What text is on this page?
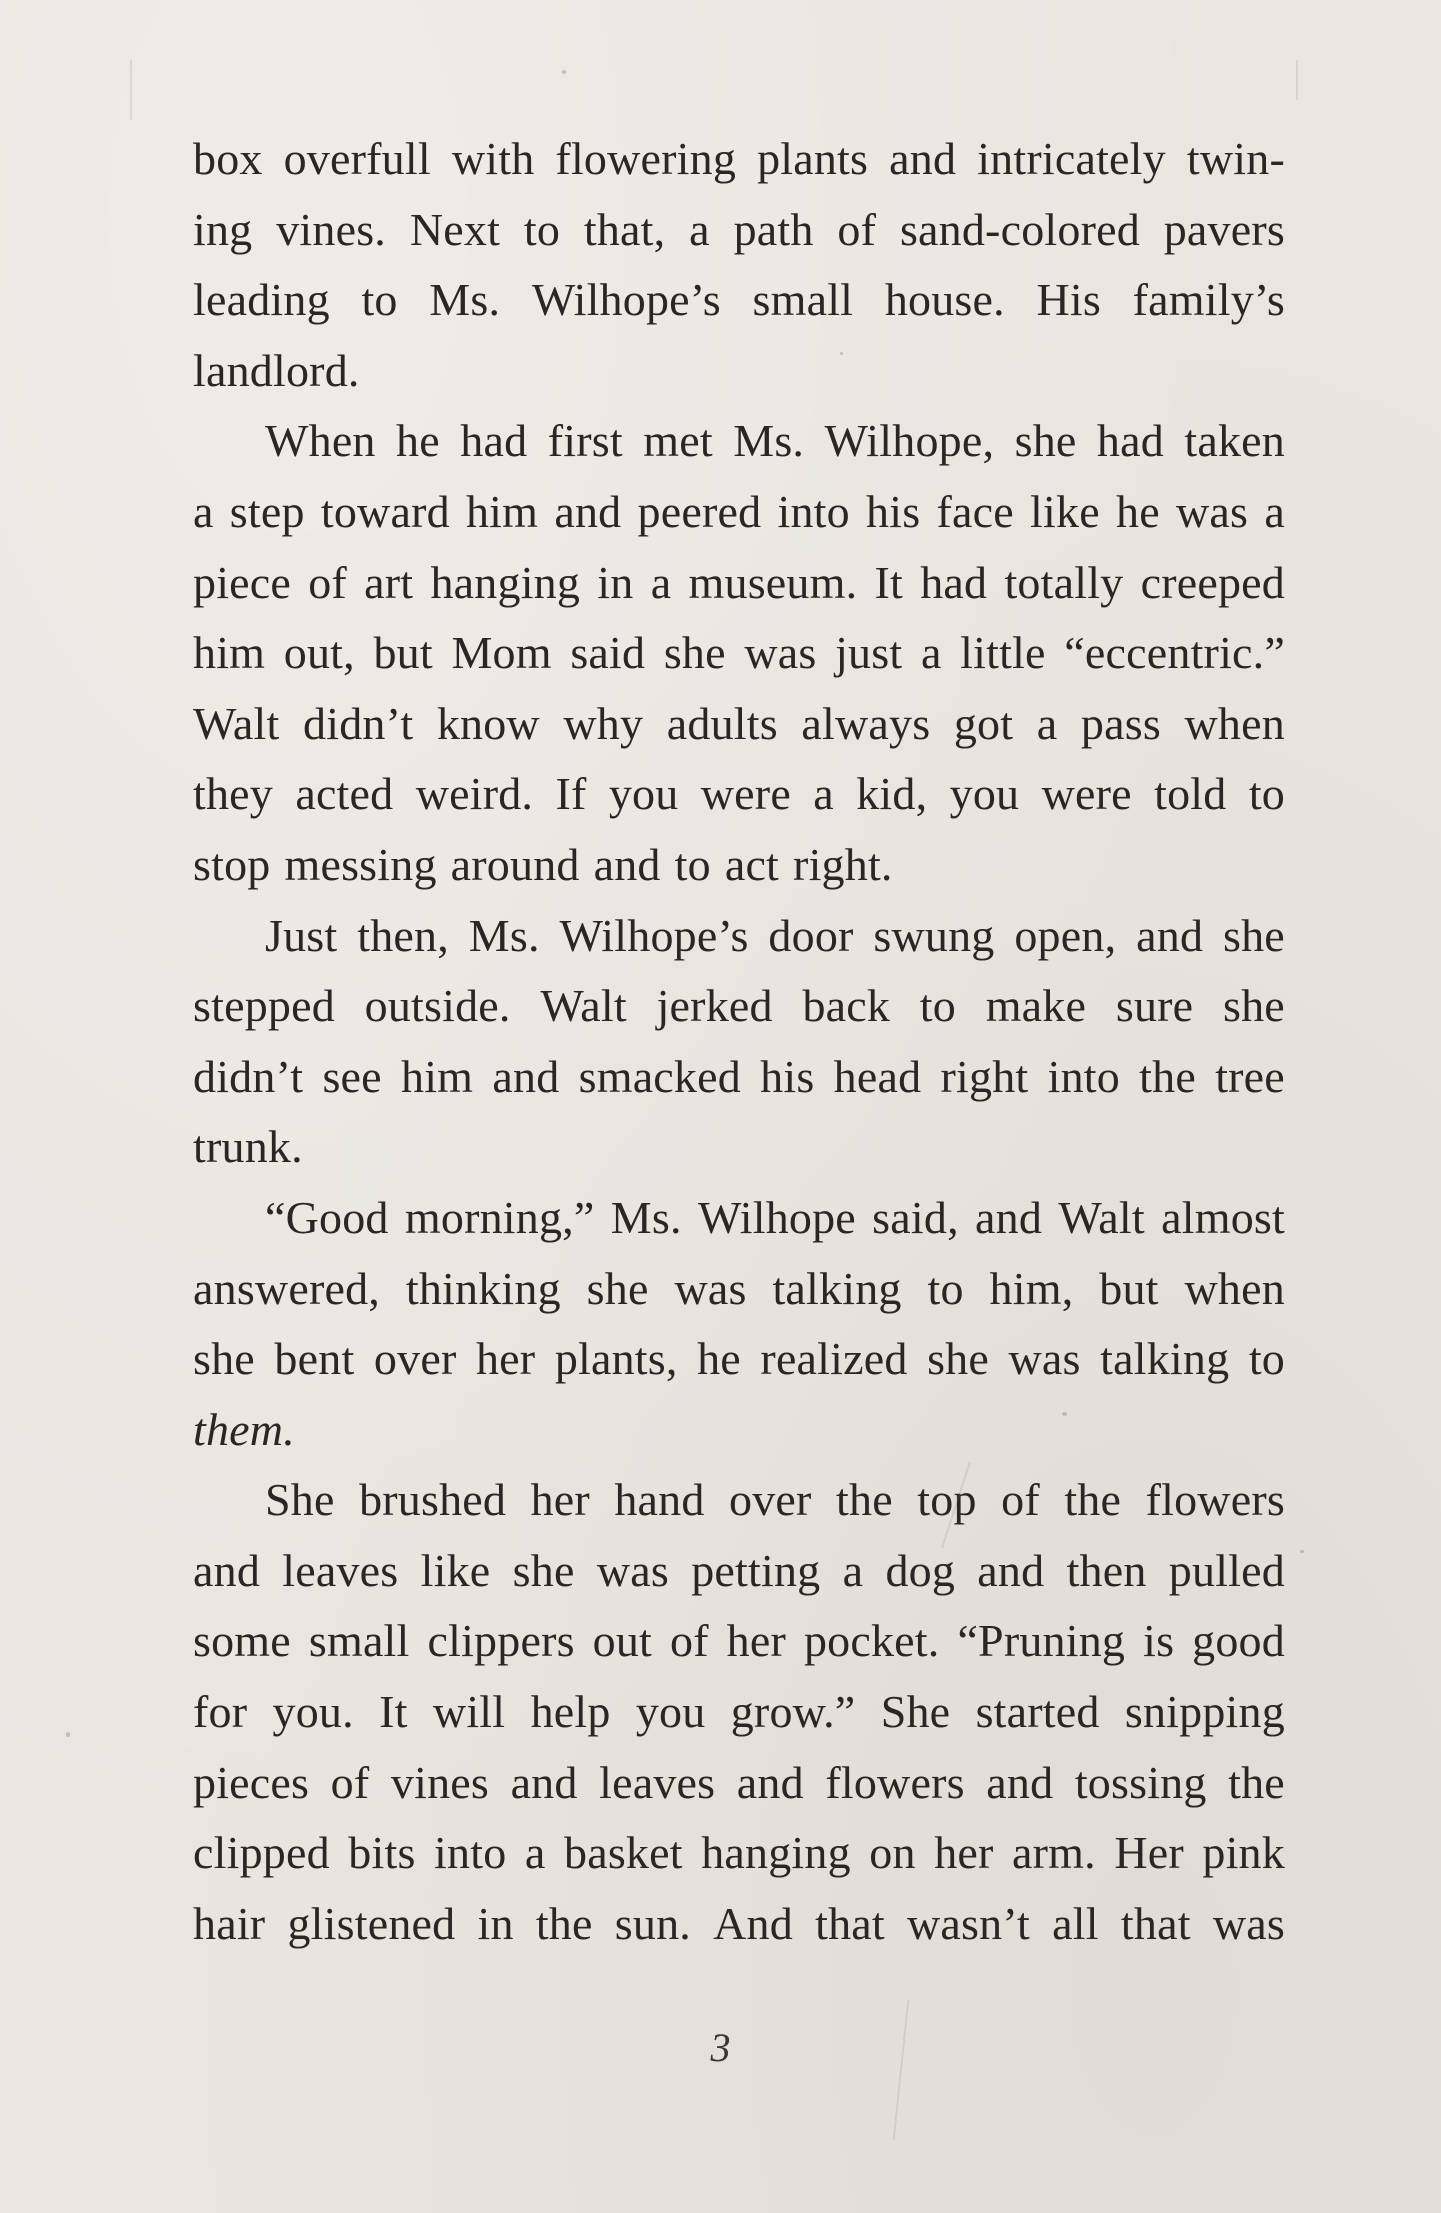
box overfull with flowering plants and intricately twin-
ing vines. Next to that, a path of sand-colored pavers
leading to Ms. Wilhope’s small house. His family’s
landlord.
When he had first met Ms. Wilhope, she had taken
a step toward him and peered into his face like he was a
piece of art hanging in a museum. It had totally creeped
him out, but Mom said she was just a little “eccentric.”
Walt didn’t know why adults always got a pass when
they acted weird. If you were a kid, you were told to
stop messing around and to act right.
Just then, Ms. Wilhope’s door swung open, and she
stepped outside. Walt jerked back to make sure she
didn’t see him and smacked his head right into the tree
trunk.
“Good morning,” Ms. Wilhope said, and Walt almost
answered, thinking she was talking to him, but when
she bent over her plants, he realized she was talking to
them.
She brushed her hand over the top of the flowers
and leaves like she was petting a dog and then pulled
some small clippers out of her pocket. “Pruning is good
for you. It will help you grow.” She started snipping
pieces of vines and leaves and flowers and tossing the
clipped bits into a basket hanging on her arm. Her pink
hair glistened in the sun. And that wasn’t all that was
3
